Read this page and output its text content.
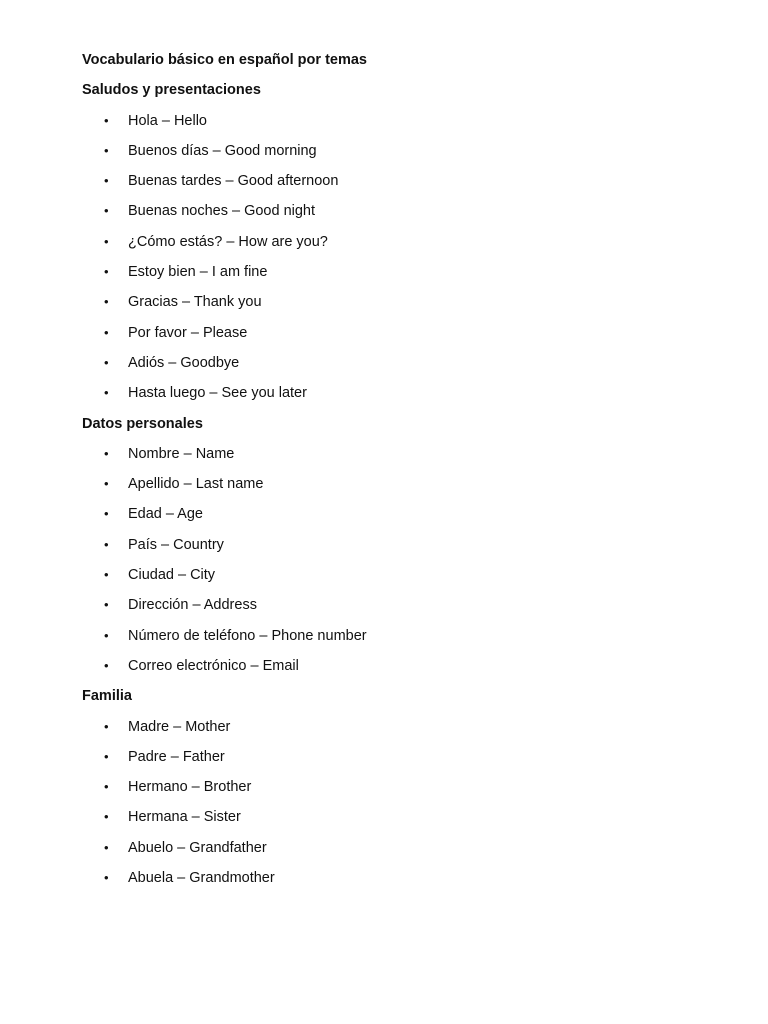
Vocabulario básico en español por temas
Saludos y presentaciones
• Hola – Hello
• Buenos días – Good morning
• Buenas tardes – Good afternoon
• Buenas noches – Good night
• ¿Cómo estás? – How are you?
• Estoy bien – I am fine
• Gracias – Thank you
• Por favor – Please
• Adiós – Goodbye
• Hasta luego – See you later
Datos personales
• Nombre – Name
• Apellido – Last name
• Edad – Age
• País – Country
• Ciudad – City
• Dirección – Address
• Número de teléfono – Phone number
• Correo electrónico – Email
Familia
• Madre – Mother
• Padre – Father
• Hermano – Brother
• Hermana – Sister
• Abuelo – Grandfather
• Abuela – Grandmother
